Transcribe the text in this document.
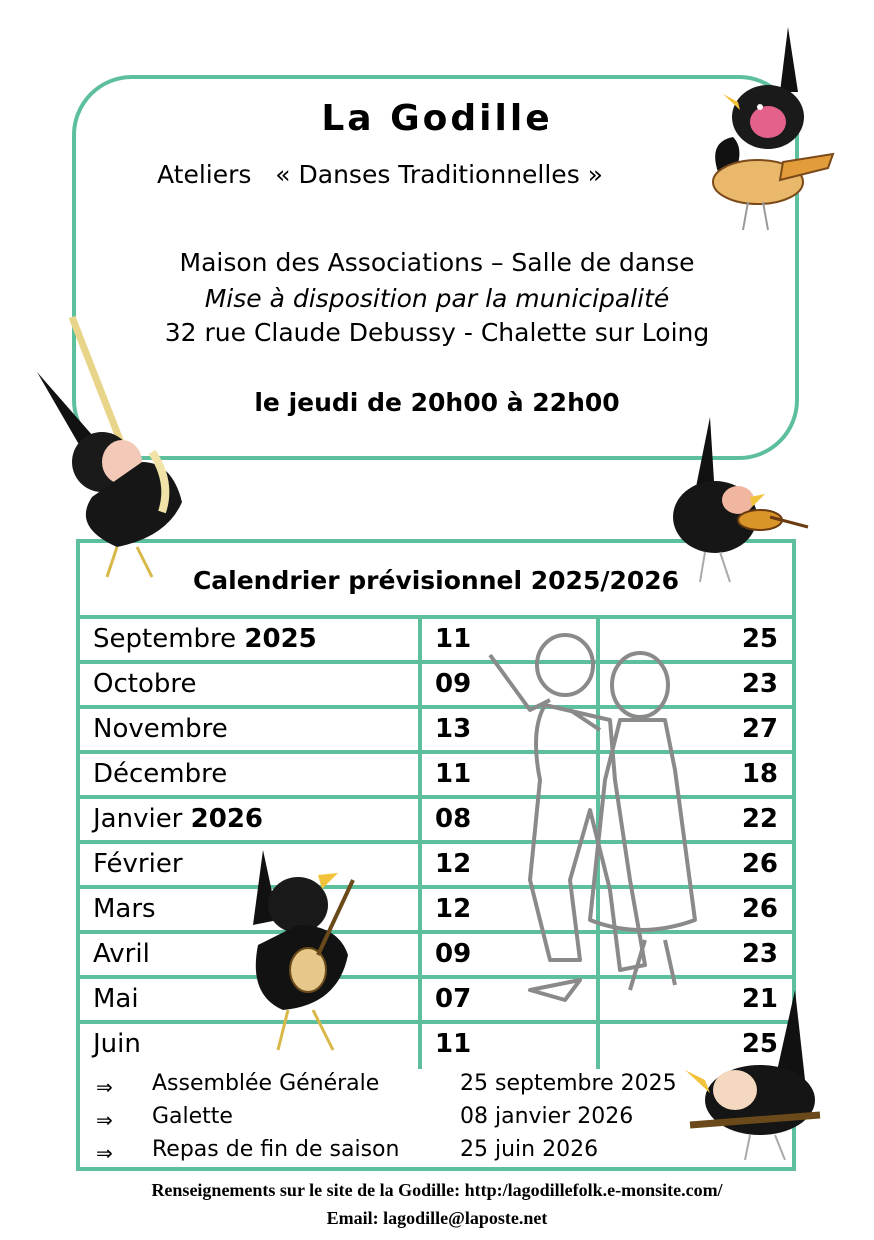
La Godille
Ateliers   « Danses Traditionnelles »
Maison des Associations – Salle de danse
Mise à disposition par la municipalité
32 rue Claude Debussy - Chalette sur Loing
le jeudi de 20h00 à 22h00
Calendrier prévisionnel 2025/2026
Septembre 2025	11	25
Octobre	09	23
Novembre	13	27
Décembre	11	18
Janvier 2026	08	22
Février	12	26
Mars	12	26
Avril	09	23
Mai	07	21
Juin	11	25
⇒ Assemblée Générale	25 septembre 2025
⇒ Galette	08 janvier 2026
⇒ Repas de fin de saison	25 juin 2026
Renseignements sur le site de la Godille: http:/lagodillefolk.e-monsite.com/
Email: lagodille@laposte.net
